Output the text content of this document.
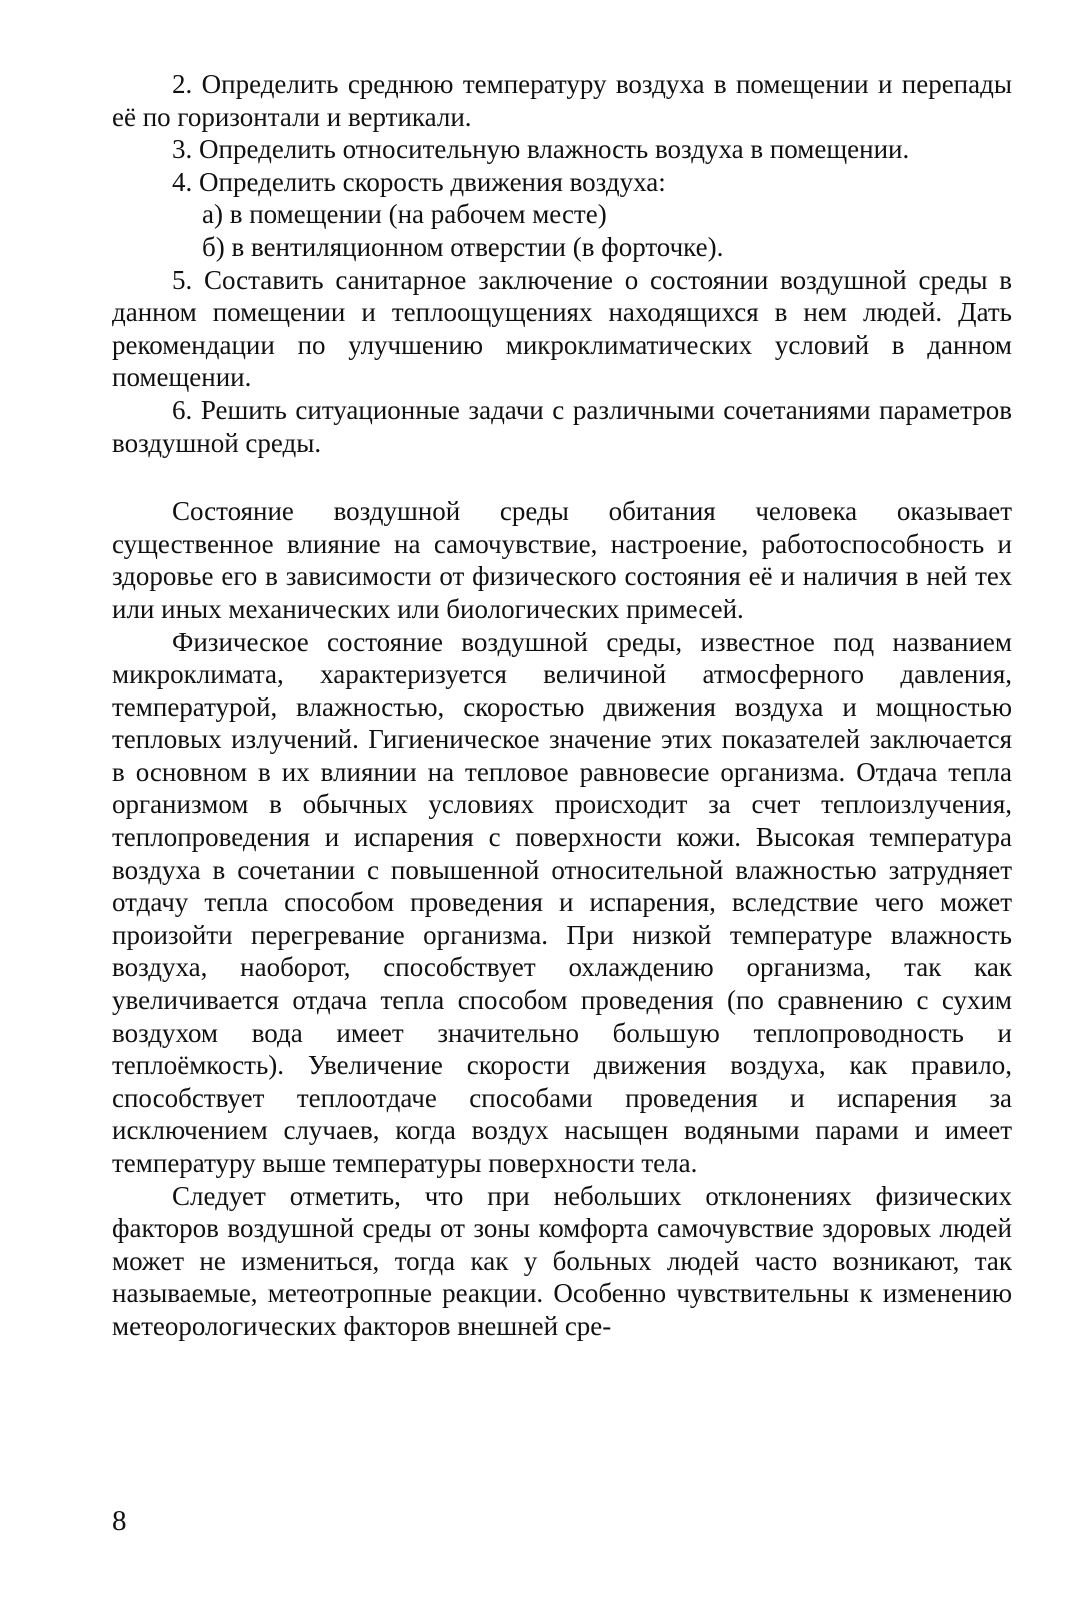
2. Определить среднюю температуру воздуха в помещении и перепады её по горизонтали и вертикали.

3. Определить относительную влажность воздуха в помещении.

4. Определить скорость движения воздуха:

а) в помещении (на рабочем месте)

б) в вентиляционном отверстии (в форточке).

5. Составить санитарное заключение о состоянии воздушной среды в данном помещении и теплоощущениях находящихся в нем людей. Дать рекомендации по улучшению микроклиматических условий в данном помещении.

6. Решить ситуационные задачи с различными сочетаниями параметров воздушной среды.

Состояние воздушной среды обитания человека оказывает существенное влияние на самочувствие, настроение, работоспособность и здоровье его в зависимости от физического состояния её и наличия в ней тех или иных механических или биологических примесей.

Физическое состояние воздушной среды, известное под названием микроклимата, характеризуется величиной атмосферного давления, температурой, влажностью, скоростью движения воздуха и мощностью тепловых излучений. Гигиеническое значение этих показателей заключается в основном в их влиянии на тепловое равновесие организма. Отдача тепла организмом в обычных условиях происходит за счет теплоизлучения, теплопроведения и испарения с поверхности кожи. Высокая температура воздуха в сочетании с повышенной относительной влажностью затрудняет отдачу тепла способом проведения и испарения, вследствие чего может произойти перегревание организма. При низкой температуре влажность воздуха, наоборот, способствует охлаждению организма, так как увеличивается отдача тепла способом проведения (по сравнению с сухим воздухом вода имеет значительно большую теплопроводность и теплоёмкость). Увеличение скорости движения воздуха, как правило, способствует теплоотдаче способами проведения и испарения за исключением случаев, когда воздух насыщен водяными парами и имеет температуру выше температуры поверхности тела.

Следует отметить, что при небольших отклонениях физических факторов воздушной среды от зоны комфорта самочувствие здоровых людей может не измениться, тогда как у больных людей часто возникают, так называемые, метеотропные реакции. Особенно чувствительны к изменению метеорологических факторов внешней сре-

8
